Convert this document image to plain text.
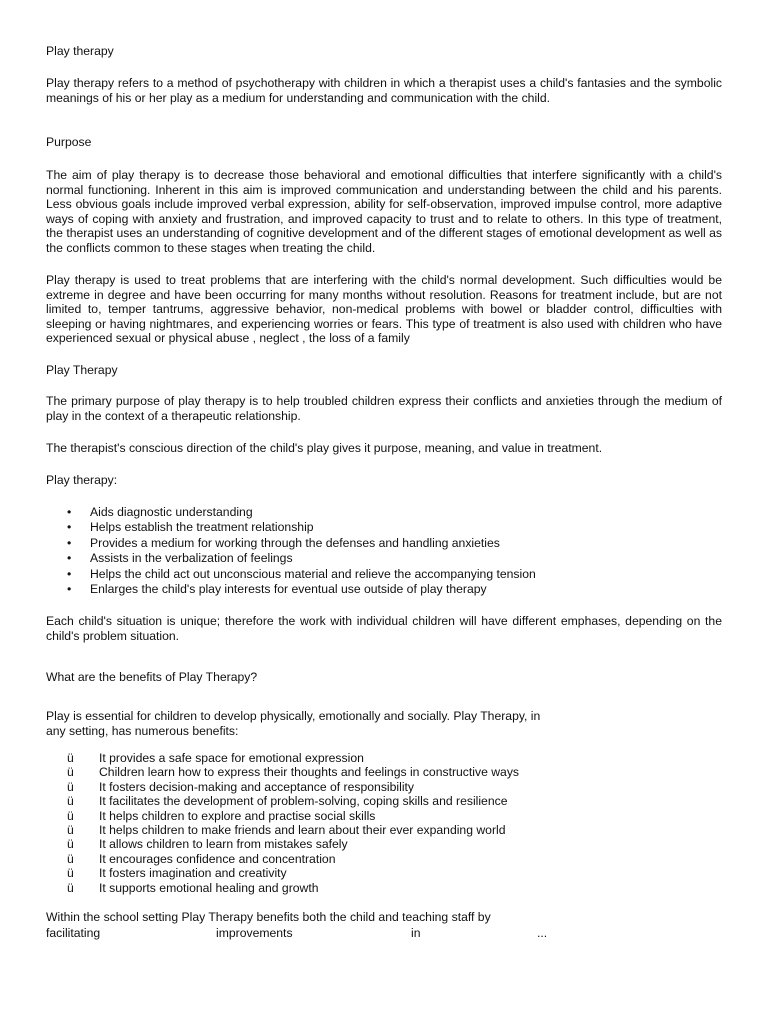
Play therapy

Play therapy refers to a method of psychotherapy with children in which a therapist uses a child's fantasies and the symbolic meanings of his or her play as a medium for understanding and communication with the child.

Purpose

The aim of play therapy is to decrease those behavioral and emotional difficulties that interfere significantly with a child's normal functioning. Inherent in this aim is improved communication and understanding between the child and his parents. Less obvious goals include improved verbal expression, ability for self-observation, improved impulse control, more adaptive ways of coping with anxiety and frustration, and improved capacity to trust and to relate to others. In this type of treatment, the therapist uses an understanding of cognitive development and of the different stages of emotional development as well as the conflicts common to these stages when treating the child.

Play therapy is used to treat problems that are interfering with the child's normal development. Such difficulties would be extreme in degree and have been occurring for many months without resolution. Reasons for treatment include, but are not limited to, temper tantrums, aggressive behavior, non-medical problems with bowel or bladder control, difficulties with sleeping or having nightmares, and experiencing worries or fears. This type of treatment is also used with children who have experienced sexual or physical abuse , neglect , the loss of a family

Play Therapy

The primary purpose of play therapy is to help troubled children express their conflicts and anxieties through the medium of play in the context of a therapeutic relationship.

The therapist's conscious direction of the child's play gives it purpose, meaning, and value in treatment.

Play therapy:

• Aids diagnostic understanding
• Helps establish the treatment relationship
• Provides a medium for working through the defenses and handling anxieties
• Assists in the verbalization of feelings
• Helps the child act out unconscious material and relieve the accompanying tension
• Enlarges the child's play interests for eventual use outside of play therapy

Each child's situation is unique; therefore the work with individual children will have different emphases, depending on the child's problem situation.

What are the benefits of Play Therapy?

Play is essential for children to develop physically, emotionally and socially. Play Therapy, in any setting, has numerous benefits:

ü It provides a safe space for emotional expression
ü Children learn how to express their thoughts and feelings in constructive ways
ü It fosters decision-making and acceptance of responsibility
ü It facilitates the development of problem-solving, coping skills and resilience
ü It helps children to explore and practise social skills
ü It helps children to make friends and learn about their ever expanding world
ü It allows children to learn from mistakes safely
ü It encourages confidence and concentration
ü It fosters imagination and creativity
ü It supports emotional healing and growth

Within the school setting Play Therapy benefits both the child and teaching staff by

facilitating	improvements	in	...
